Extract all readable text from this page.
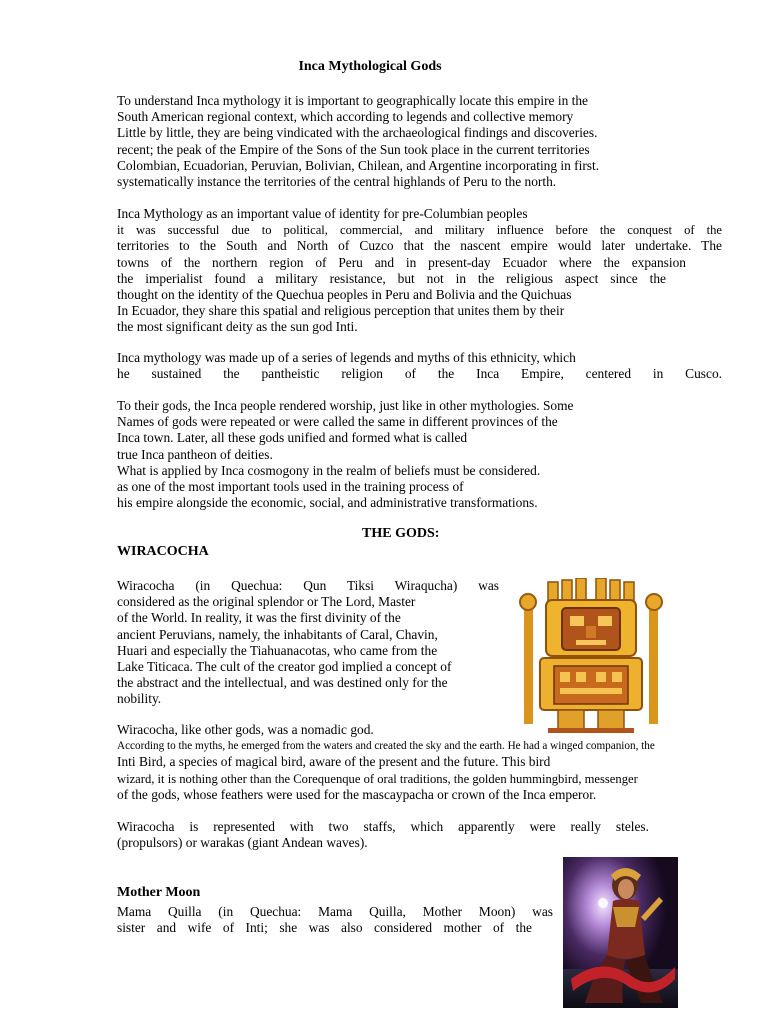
Inca Mythological Gods
To understand Inca mythology it is important to geographically locate this empire in the
South American regional context, which according to legends and collective memory
Little by little, they are being vindicated with the archaeological findings and discoveries.
recent; the peak of the Empire of the Sons of the Sun took place in the current territories
Colombian, Ecuadorian, Peruvian, Bolivian, Chilean, and Argentine incorporating in first.
systematically instance the territories of the central highlands of Peru to the north.
Inca Mythology as an important value of identity for pre-Columbian peoples
it was successful due to political, commercial, and military influence before the conquest of the
territories to the South and North of Cuzco that the nascent empire would later undertake. The
towns of the northern region of Peru and in present-day Ecuador where the expansion
the imperialist found a military resistance, but not in the religious aspect since the
thought on the identity of the Quechua peoples in Peru and Bolivia and the Quichuas
In Ecuador, they share this spatial and religious perception that unites them by their
the most significant deity as the sun god Inti.
Inca mythology was made up of a series of legends and myths of this ethnicity, which
he sustained the pantheistic religion of the Inca Empire, centered in Cusco.
To their gods, the Inca people rendered worship, just like in other mythologies. Some
Names of gods were repeated or were called the same in different provinces of the
Inca town. Later, all these gods unified and formed what is called
true Inca pantheon of deities.
What is applied by Inca cosmogony in the realm of beliefs must be considered.
as one of the most important tools used in the training process of
his empire alongside the economic, social, and administrative transformations.
THE GODS:
WIRACOCHA
Wiracocha (in Quechua: Qun Tiksi Wiraqucha) was
considered as the original splendor or The Lord, Master
of the World. In reality, it was the first divinity of the
ancient Peruvians, namely, the inhabitants of Caral, Chavin,
Huari and especially the Tiahuanacotas, who came from the
Lake Titicaca. The cult of the creator god implied a concept of
the abstract and the intellectual, and was destined only for the
nobility.
Wiracocha, like other gods, was a nomadic god.
According to the myths, he emerged from the waters and created the sky and the earth. He had a winged companion, the
Inti Bird, a species of magical bird, aware of the present and the future. This bird
wizard, it is nothing other than the Corequenque of oral traditions, the golden hummingbird, messenger
of the gods, whose feathers were used for the mascaypacha or crown of the Inca emperor.
Wiracocha is represented with two staffs, which apparently were really steles.
(propulsors) or warakas (giant Andean waves).
Mother Moon
Mama Quilla (in Quechua: Mama Quilla, Mother Moon) was
sister and wife of Inti; she was also considered mother of the
